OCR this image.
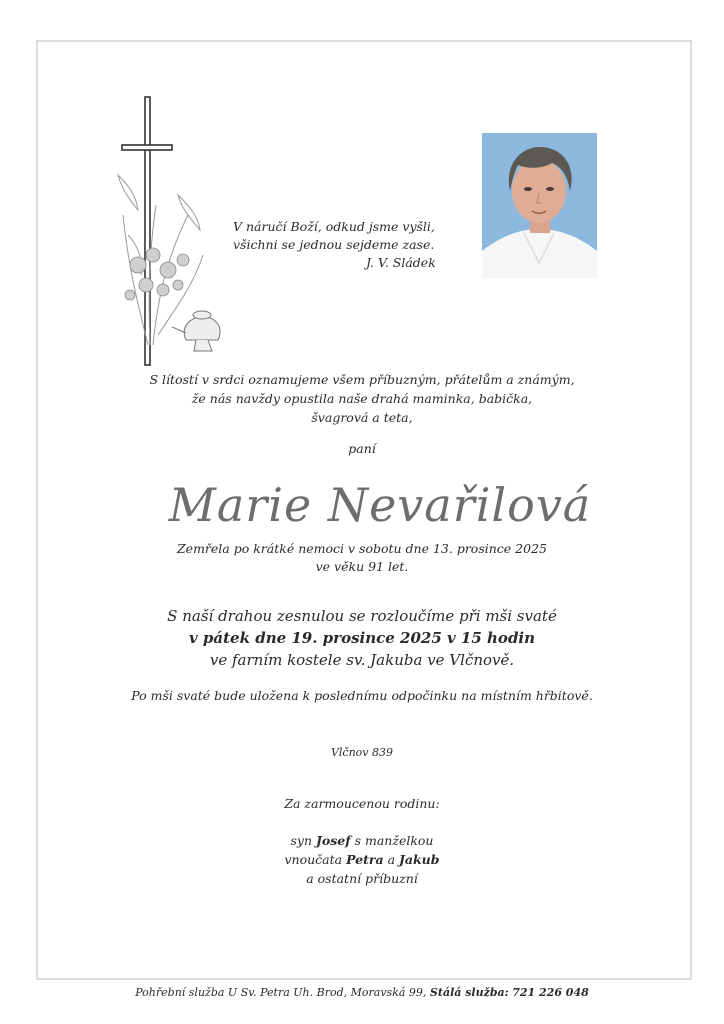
V náručí Boží, odkud jsme vyšli,
všichni se jednou sejdeme zase.
J. V. Sládek
S lítostí v srdci oznamujeme všem příbuzným, přátelům a známým,
že nás navždy opustila naše drahá maminka, babička,
švagrová a teta,
paní
Marie Nevařilová
Zemřela po krátké nemoci v sobotu dne 13. prosince 2025
ve věku 91 let.
S naší drahou zesnulou se rozloučíme při mši svaté
v pátek dne 19. prosince 2025 v 15 hodin
ve farním kostele sv. Jakuba ve Vlčnově.
Po mši svaté bude uložena k poslednímu odpočinku na místním hřbitově.
Vlčnov 839
Za zarmoucenou rodinu:
syn Josef s manželkou
vnoučata Petra a Jakub
a ostatní příbuzní
Pohřební služba U Sv. Petra Uh. Brod, Moravská 99, Stálá služba: 721 226 048
